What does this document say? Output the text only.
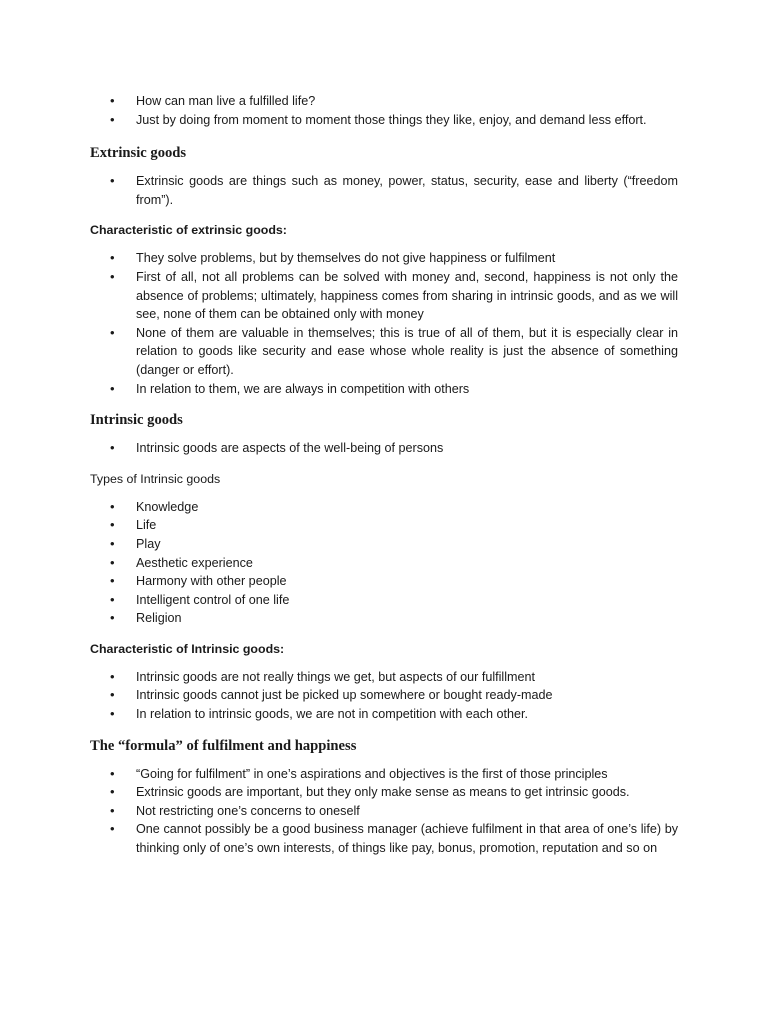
• How can man live a fulfilled life?
• Just by doing from moment to moment those things they like, enjoy, and demand less effort.
Extrinsic goods
• Extrinsic goods are things such as money, power, status, security, ease and liberty (“freedom from”).
Characteristic of extrinsic goods:
• They solve problems, but by themselves do not give happiness or fulfilment
• First of all, not all problems can be solved with money and, second, happiness is not only the absence of problems; ultimately, happiness comes from sharing in intrinsic goods, and as we will see, none of them can be obtained only with money
• None of them are valuable in themselves; this is true of all of them, but it is especially clear in relation to goods like security and ease whose whole reality is just the absence of something (danger or effort).
• In relation to them, we are always in competition with others
Intrinsic goods
• Intrinsic goods are aspects of the well-being of persons
Types of Intrinsic goods
• Knowledge
• Life
• Play
• Aesthetic experience
• Harmony with other people
• Intelligent control of one life
• Religion
Characteristic of Intrinsic goods:
• Intrinsic goods are not really things we get, but aspects of our fulfillment
• Intrinsic goods cannot just be picked up somewhere or bought ready-made
• In relation to intrinsic goods, we are not in competition with each other.
The “formula” of fulfilment and happiness
• “Going for fulfilment” in one’s aspirations and objectives is the first of those principles
• Extrinsic goods are important, but they only make sense as means to get intrinsic goods.
• Not restricting one’s concerns to oneself
• One cannot possibly be a good business manager (achieve fulfilment in that area of one’s life) by thinking only of one’s own interests, of things like pay, bonus, promotion, reputation and so on
